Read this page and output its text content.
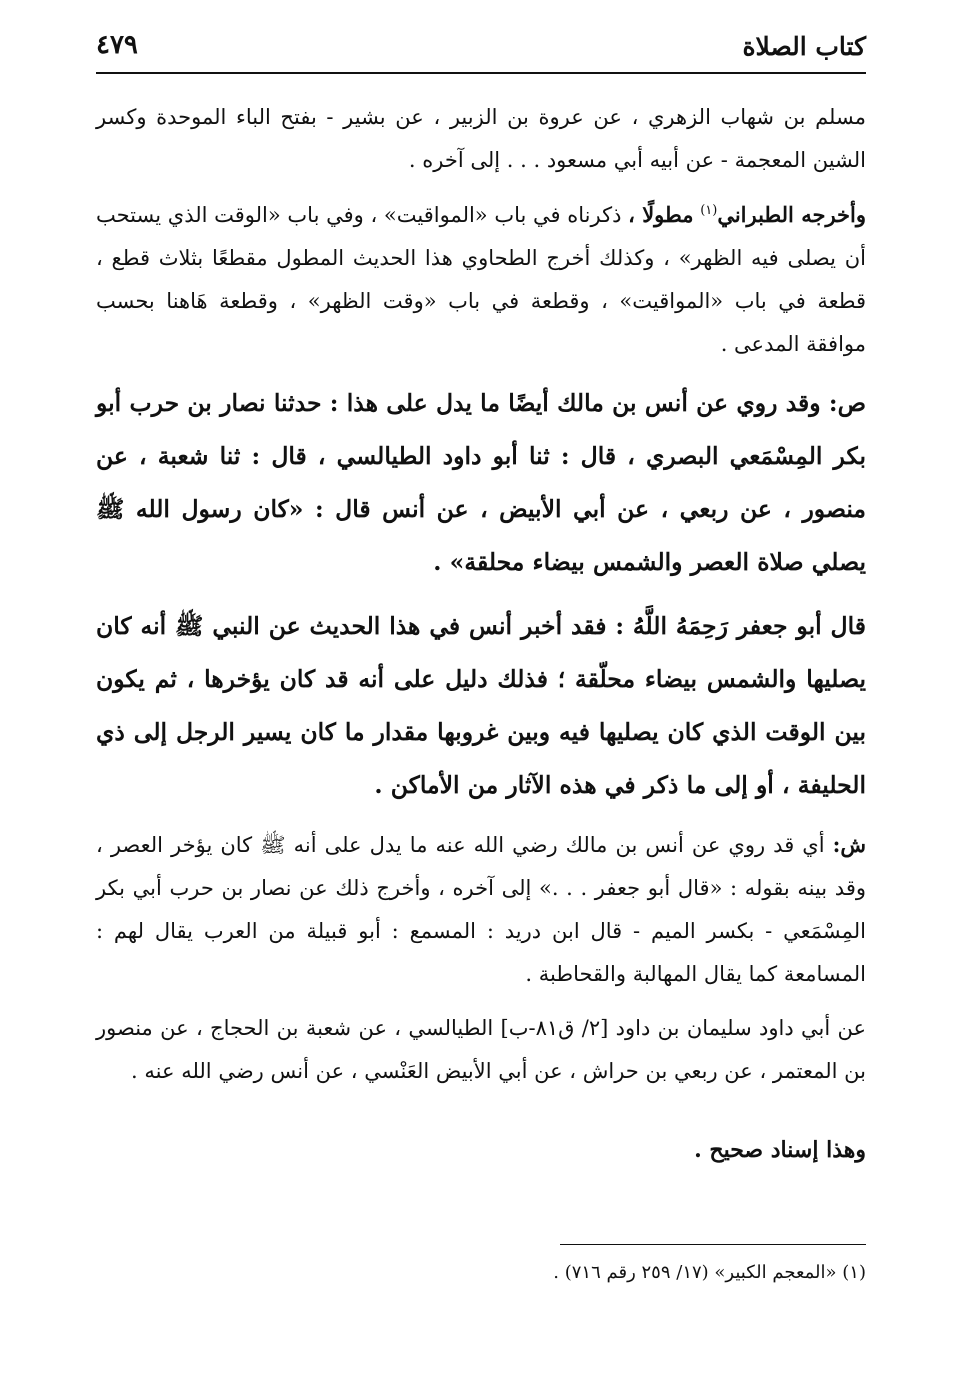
٤٧٩	كتاب الصلاة

مسلم بن شهاب الزهري ، عن عروة بن الزبير ، عن بشير - بفتح الباء الموحدة وكسر الشين المعجمة - عن أبيه أبي مسعود . . . إلى آخره .

وأخرجه الطبراني$^{(١)}$ مطولًا ، ذكرناه في باب «المواقيت» ، وفي باب «الوقت الذي يستحب أن يصلى فيه الظهر» ، وكذلك أخرج الطحاوي هذا الحديث المطول مقطعًا بثلاث قطع ، قطعة في باب «المواقيت» ، وقطعة في باب «وقت الظهر» ، وقطعة هَاهنا بحسب موافقة المدعى .

ص: وقد روي عن أنس بن مالك أيضًا ما يدل على هذا : حدثنا نصار بن حرب أبو بكر المِسْمَعي البصري ، قال : ثنا أبو داود الطيالسي ، قال : ثنا شعبة ، عن منصور ، عن ربعي ، عن أبي الأبيض ، عن أنس قال : «كان رسول الله ﷺ يصلي صلاة العصر والشمس بيضاء محلقة» .

قال أبو جعفر رَحِمَهُ اللَّهُ : فقد أخبر أنس في هذا الحديث عن النبي ﷺ أنه كان يصليها والشمس بيضاء محلّقة ؛ فذلك دليل على أنه قد كان يؤخرها ، ثم يكون بين الوقت الذي كان يصليها فيه وبين غروبها مقدار ما كان يسير الرجل إلى ذي الحليفة ، أو إلى ما ذكر في هذه الآثار من الأماكن .

ش: أي قد روي عن أنس بن مالك رضي الله عنه ما يدل على أنه ﷺ كان يؤخر العصر ، وقد بينه بقوله : «قال أبو جعفر . . .» إلى آخره ، وأخرج ذلك عن نصار بن حرب أبي بكر المِسْمَعي - بكسر الميم - قال ابن دريد : المسمع : أبو قبيلة من العرب يقال لهم : المسامعة كما يقال المهالبة والقحاطبة .

عن أبي داود سليمان بن داود [٢/ ق٨١-ب] الطيالسي ، عن شعبة بن الحجاج ، عن منصور بن المعتمر ، عن ربعي بن حراش ، عن أبي الأبيض العَنْسي ، عن أنس رضي الله عنه .

وهذا إسناد صحيح .

(١) «المعجم الكبير» (١٧/ ٢٥٩ رقم ٧١٦) .
